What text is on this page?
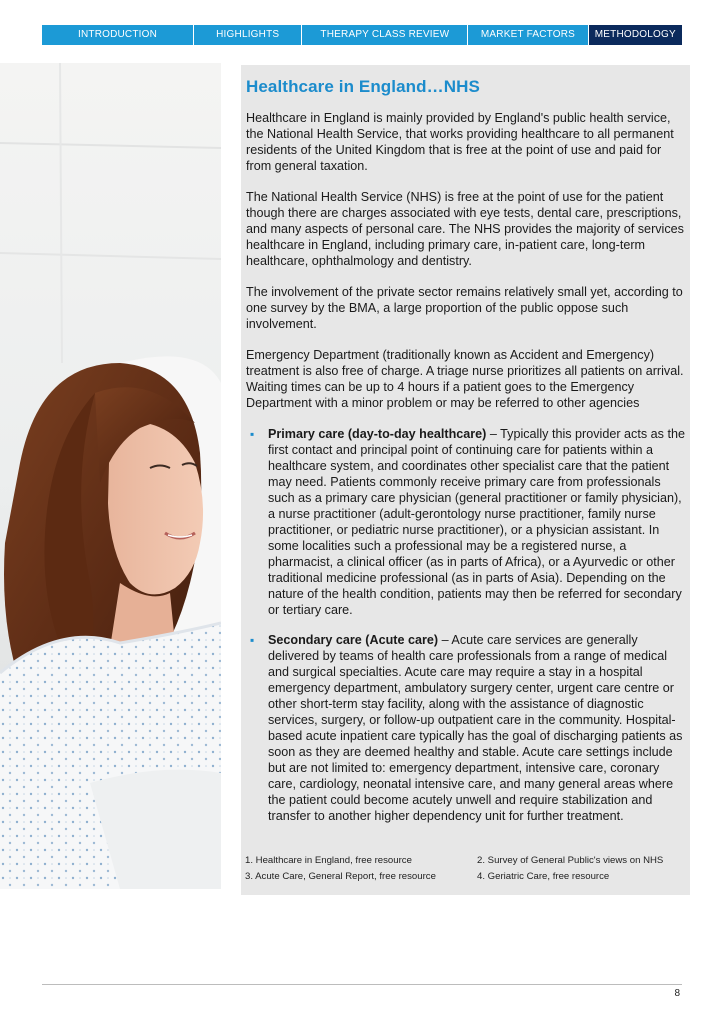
INTRODUCTION	HIGHLIGHTS	THERAPY CLASS REVIEW	MARKET FACTORS	METHODOLOGY
Healthcare in England…NHS

Healthcare in England is mainly provided by England's public health service, the National Health Service, that works providing healthcare to all permanent residents of the United Kingdom that is free at the point of use and paid for from general taxation.

The National Health Service (NHS) is free at the point of use for the patient though there are charges associated with eye tests, dental care, prescriptions, and many aspects of personal care. The NHS provides the majority of services healthcare in England, including primary care, in-patient care, long-term healthcare, ophthalmology and dentistry.

The involvement of the private sector remains relatively small yet, according to one survey by the BMA, a large proportion of the public oppose such involvement.

Emergency Department (traditionally known as Accident and Emergency) treatment is also free of charge. A triage nurse prioritizes all patients on arrival. Waiting times can be up to 4 hours if a patient goes to the Emergency Department with a minor problem or may be referred to other agencies

▪ Primary care (day-to-day healthcare) – Typically this provider acts as the first contact and principal point of continuing care for patients within a healthcare system, and coordinates other specialist care that the patient may need. Patients commonly receive primary care from professionals such as a primary care physician (general practitioner or family physician), a nurse practitioner (adult-gerontology nurse practitioner, family nurse practitioner, or pediatric nurse practitioner), or a physician assistant. In some localities such a professional may be a registered nurse, a pharmacist, a clinical officer (as in parts of Africa), or a Ayurvedic or other traditional medicine professional (as in parts of Asia). Depending on the nature of the health condition, patients may then be referred for secondary or tertiary care.
▪ Secondary care (Acute care) – Acute care services are generally delivered by teams of health care professionals from a range of medical and surgical specialties. Acute care may require a stay in a hospital emergency department, ambulatory surgery center, urgent care centre or other short-term stay facility, along with the assistance of diagnostic services, surgery, or follow-up outpatient care in the community. Hospital-based acute inpatient care typically has the goal of discharging patients as soon as they are deemed healthy and stable. Acute care settings include but are not limited to: emergency department, intensive care, coronary care, cardiology, neonatal intensive care, and many general areas where the patient could become acutely unwell and require stabilization and transfer to another higher dependency unit for further treatment.
1. Healthcare in England, free resource	2. Survey of General Public's views on NHS
3. Acute Care, General Report, free resource	4. Geriatric Care, free resource
8
